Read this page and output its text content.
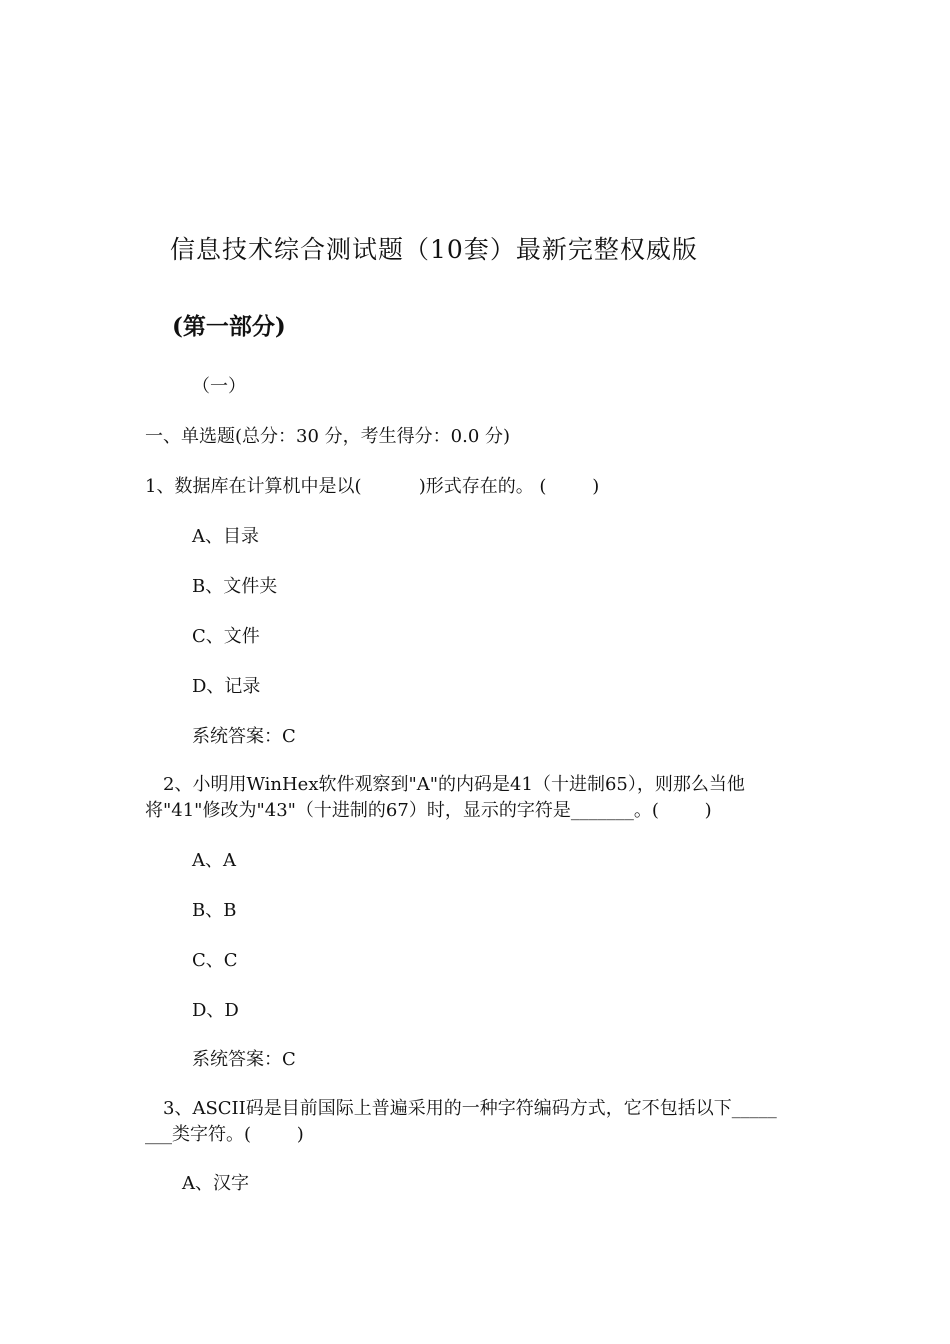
信息技术综合测试题（10套）最新完整权威版
(第一部分)
（一）
一、单选题(总分：30 分，考生得分：0.0 分)
1、数据库在计算机中是以(          )形式存在的。 (        )
A、目录
B、文件夹
C、文件
D、记录
系统答案：C
2、小明用WinHex软件观察到"A"的内码是41（十进制65），则那么当他
将"41"修改为"43"（十进制的67）时，显示的字符是_______。(        )
A、A
B、B
C、C
D、D
系统答案：C
3、ASCII码是目前国际上普遍采用的一种字符编码方式，它不包括以下_____
___类字符。(        )
A、汉字
